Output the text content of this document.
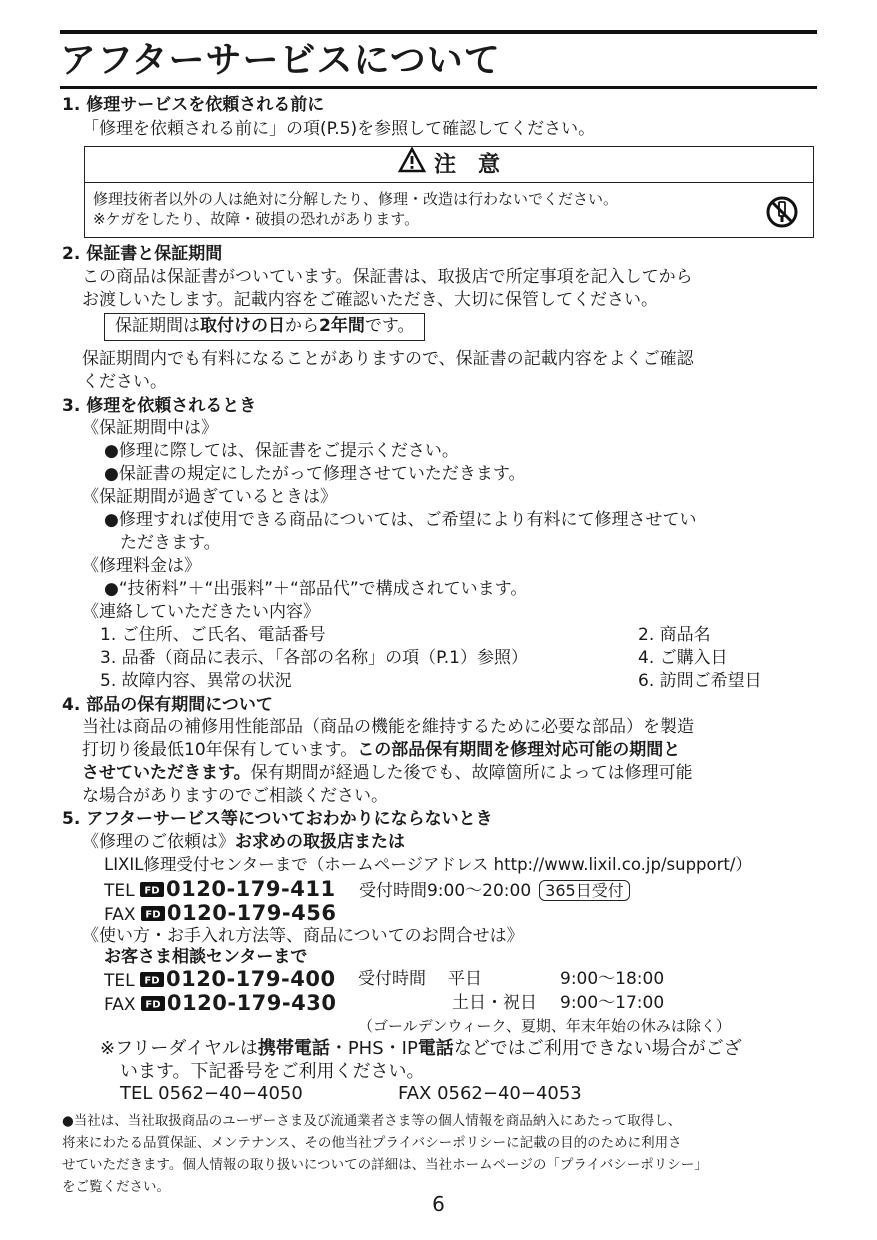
アフターサービスについて
1. 修理サービスを依頼される前に
「修理を依頼される前に」の項(P.5)を参照して確認してください。
注　意
修理技術者以外の人は絶対に分解したり、修理・改造は行わないでください。
※ケガをしたり、故障・破損の恐れがあります。
2. 保証書と保証期間
この商品は保証書がついています。保証書は、取扱店で所定事項を記入してから
お渡しいたします。記載内容をご確認いただき、大切に保管してください。
保証期間は取付けの日から2年間です。
保証期間内でも有料になることがありますので、保証書の記載内容をよくご確認
ください。
3. 修理を依頼されるとき
《保証期間中は》
●修理に際しては、保証書をご提示ください。
●保証書の規定にしたがって修理させていただきます。
《保証期間が過ぎているときは》
●修理すれば使用できる商品については、ご希望により有料にて修理させてい
ただきます。
《修理料金は》
●“技術料”＋“出張料”＋“部品代”で構成されています。
《連絡していただきたい内容》
1. ご住所、ご氏名、電話番号	2. 商品名
3. 品番（商品に表示、「各部の名称」の項（P.1）参照）	4. ご購入日
5. 故障内容、異常の状況	6. 訪問ご希望日
4. 部品の保有期間について
当社は商品の補修用性能部品（商品の機能を維持するために必要な部品）を製造
打切り後最低10年保有しています。この部品保有期間を修理対応可能の期間と
させていただきます。保有期間が経過した後でも、故障箇所によっては修理可能
な場合がありますのでご相談ください。
5. アフターサービス等についておわかりにならないとき
《修理のご依頼は》お求めの取扱店または
LIXIL修理受付センターまで（ホームページアドレス http://www.lixil.co.jp/support/）
TEL FD 0120-179-411 受付時間9:00～20:00 365日受付
FAX FD 0120-179-456
《使い方・お手入れ方法等、商品についてのお問合せは》
お客さま相談センターまで
TEL FD 0120-179-400 受付時間 平日	9:00～18:00
FAX FD 0120-179-430	土日・祝日 9:00～17:00
（ゴールデンウィーク、夏期、年末年始の休みは除く）
※フリーダイヤルは携帯電話・PHS・IP電話などではご利用できない場合がござ
います。下記番号をご利用ください。
TEL 0562−40−4050	FAX 0562−40−4053
●当社は、当社取扱商品のユーザーさま及び流通業者さま等の個人情報を商品納入にあたって取得し、
将来にわたる品質保証、メンテナンス、その他当社プライバシーポリシーに記載の目的のために利用さ
せていただきます。個人情報の取り扱いについての詳細は、当社ホームページの「プライバシーポリシー」
をご覧ください。
6
